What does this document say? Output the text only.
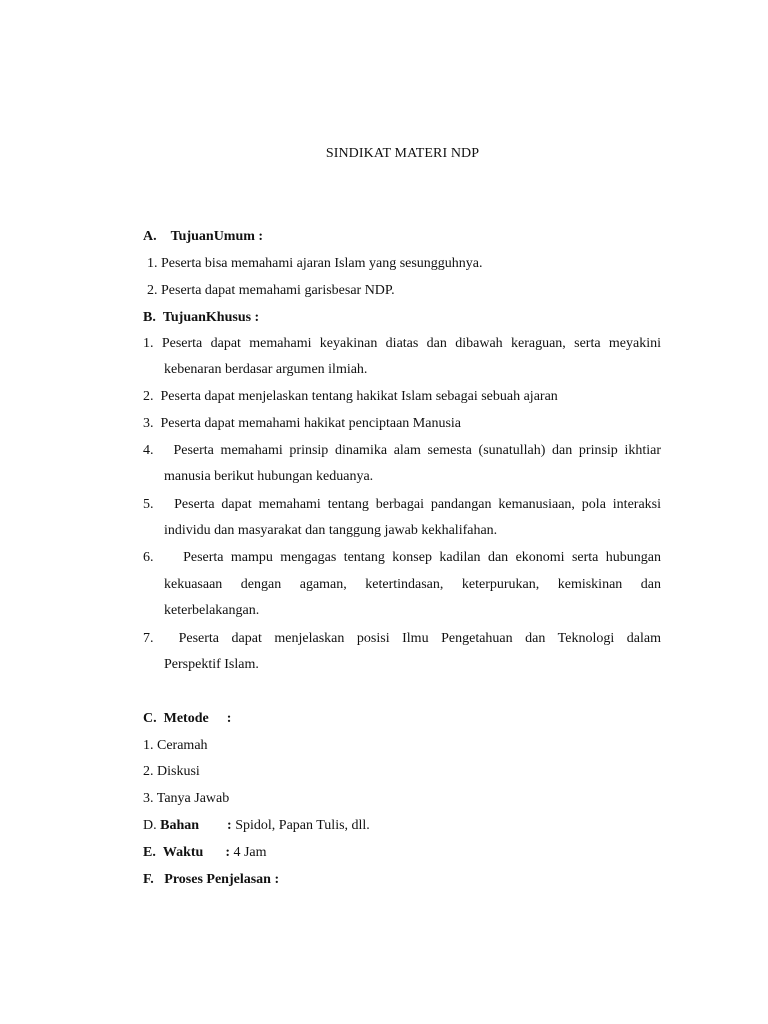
SINDIKAT MATERI NDP
A. TujuanUmum :
1. Peserta bisa memahami ajaran Islam yang sesungguhnya.
2. Peserta dapat memahami garisbesar NDP.
B. TujuanKhusus :
1. Peserta dapat memahami keyakinan diatas dan dibawah keraguan, serta meyakini
kebenaran berdasar argumen ilmiah.
2. Peserta dapat menjelaskan tentang hakikat Islam sebagai sebuah ajaran
3. Peserta dapat memahami hakikat penciptaan Manusia
4. Peserta memahami prinsip dinamika alam semesta (sunatullah) dan prinsip ikhtiar
manusia berikut hubungan keduanya.
5. Peserta dapat memahami tentang berbagai pandangan kemanusiaan, pola interaksi
individu dan masyarakat dan tanggung jawab kekhalifahan.
6. Peserta mampu mengagas tentang konsep kadilan dan ekonomi serta hubungan
kekuasaan dengan agaman, ketertindasan, keterpurukan, kemiskinan dan
keterbelakangan.
7. Peserta dapat menjelaskan posisi Ilmu Pengetahuan dan Teknologi dalam
Perspektif Islam.
C. Metode :
1. Ceramah
2. Diskusi
3. Tanya Jawab
D. Bahan : Spidol, Papan Tulis, dll.
E. Waktu : 4 Jam
F. Proses Penjelasan :
